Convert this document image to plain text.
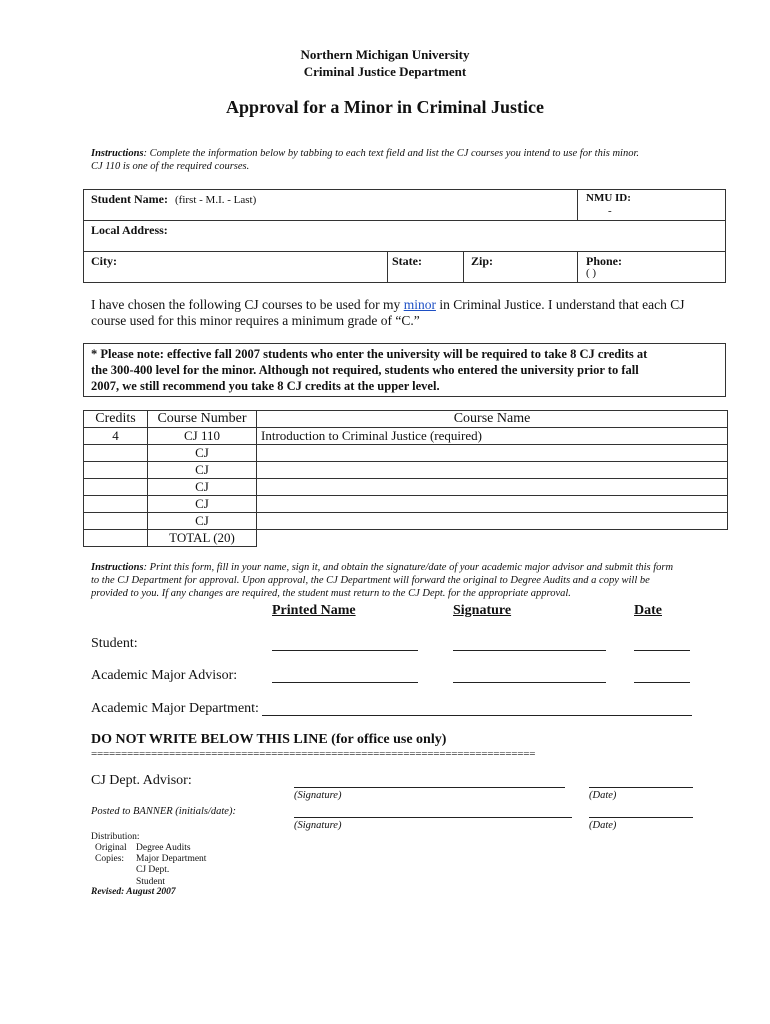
Northern Michigan University
Criminal Justice Department
Approval for a Minor in Criminal Justice
Instructions: Complete the information below by tabbing to each text field and list the CJ courses you intend to use for this minor.
CJ 110 is one of the required courses.
Student Name: (first - M.I. - Last)	NMU ID:
-
Local Address:
City:	State:	Zip:	Phone:
( )
I have chosen the following CJ courses to be used for my minor in Criminal Justice. I understand that each CJ
course used for this minor requires a minimum grade of “C.”
* Please note: effective fall 2007 students who enter the university will be required to take 8 CJ credits at
the 300-400 level for the minor. Although not required, students who entered the university prior to fall
2007, we still recommend you take 8 CJ credits at the upper level.
Credits	Course Number	Course Name
4	CJ 110	Introduction to Criminal Justice (required)
	CJ	
	CJ	
	CJ	
	CJ	
	CJ	
	TOTAL (20)	
Instructions: Print this form, fill in your name, sign it, and obtain the signature/date of your academic major advisor and submit this form
to the CJ Department for approval. Upon approval, the CJ Department will forward the original to Degree Audits and a copy will be
provided to you. If any changes are required, the student must return to the CJ Dept. for the appropriate approval.
Printed Name	Signature	Date
Student:
Academic Major Advisor:
Academic Major Department:
DO NOT WRITE BELOW THIS LINE (for office use only)
==========================================================================
CJ Dept. Advisor:
(Signature)	(Date)
Posted to BANNER (initials/date):
(Signature)	(Date)
Distribution:
Original
Copies:
Degree Audits
Major Department
CJ Dept.
Student
Revised: August 2007
